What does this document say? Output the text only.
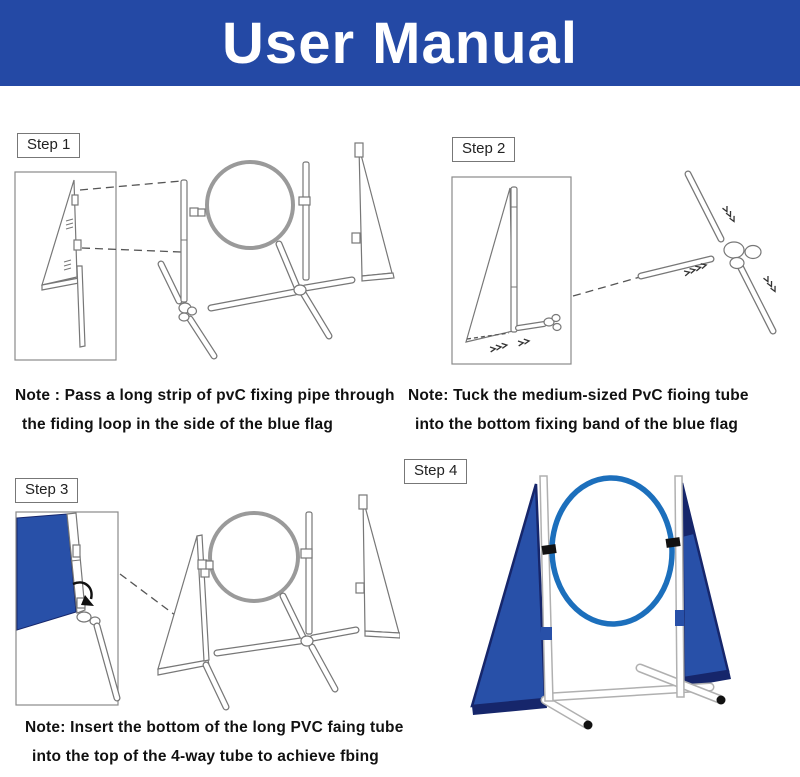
User Manual
Step 1	Step 2
Step 3
Step 4

Note : Pass a long strip of pvC fixing pipe through
the fiding loop in the side of the blue flag

Note: Tuck the medium-sized PvC fioing tube
into the bottom fixing band of the blue flag

Note: Insert the bottom of the long PVC faing tube
into the top of the 4-way tube to achieve fbing
